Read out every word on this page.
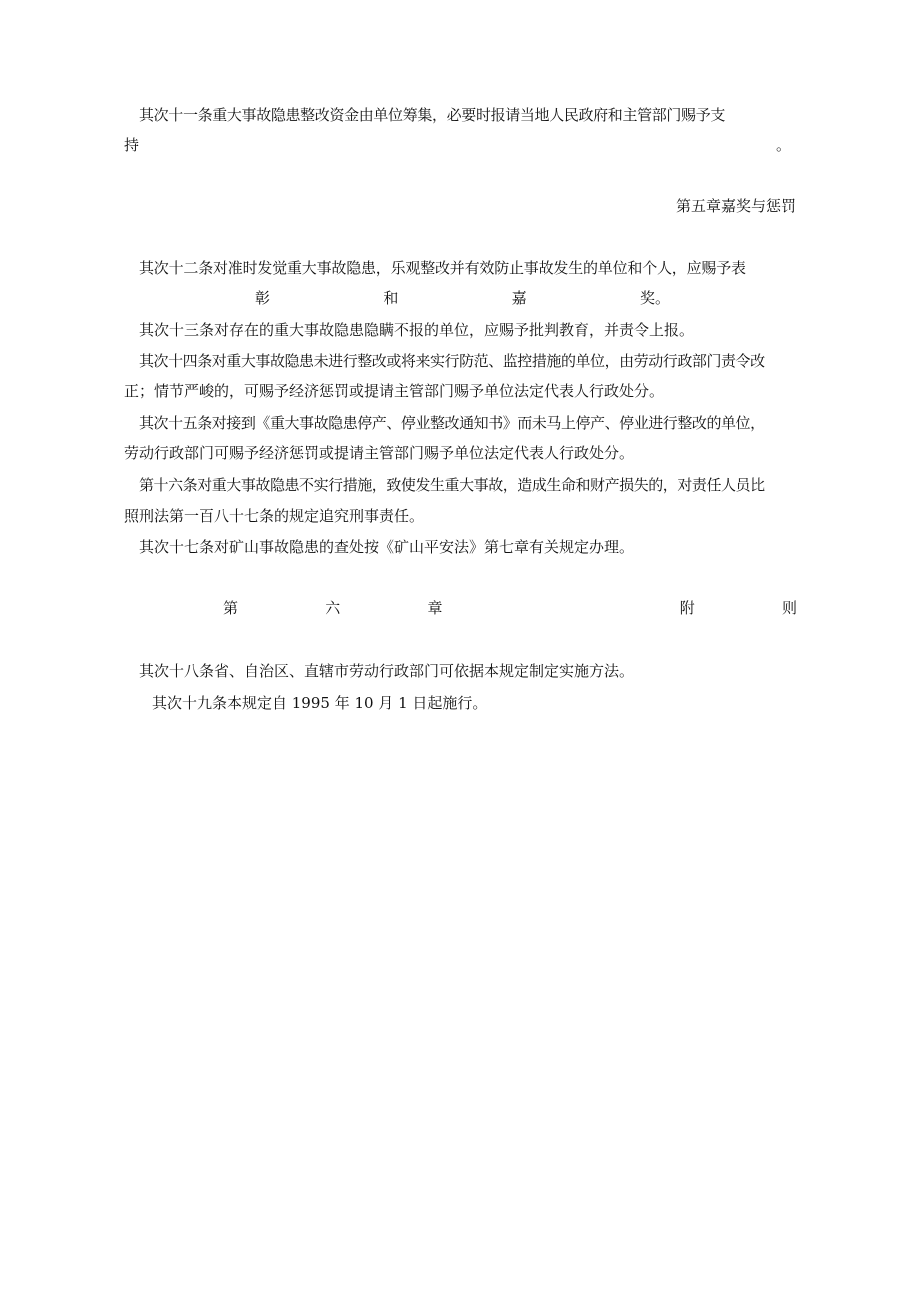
其次十一条重大事故隐患整改资金由单位筹集，必要时报请当地人民政府和主管部门赐予支
持	。
第五章嘉奖与惩罚
其次十二条对准时发觉重大事故隐患，乐观整改并有效防止事故发生的单位和个人，应赐予表
彰	和	嘉	奖。
其次十三条对存在的重大事故隐患隐瞒不报的单位，应赐予批判教育，并责令上报。
其次十四条对重大事故隐患未进行整改或将来实行防范、监控措施的单位，由劳动行政部门责令改
正；情节严峻的，可赐予经济惩罚或提请主管部门赐予单位法定代表人行政处分。
其次十五条对接到《重大事故隐患停产、停业整改通知书》而未马上停产、停业进行整改的单位，
劳动行政部门可赐予经济惩罚或提请主管部门赐予单位法定代表人行政处分。
第十六条对重大事故隐患不实行措施，致使发生重大事故，造成生命和财产损失的，对责任人员比
照刑法第一百八十七条的规定追究刑事责任。
其次十七条对矿山事故隐患的查处按《矿山平安法》第七章有关规定办理。
第	六	章	附	则
其次十八条省、自治区、直辖市劳动行政部门可依据本规定制定实施方法。
其次十九条本规定自 1995 年 10 月 1 日起施行。
